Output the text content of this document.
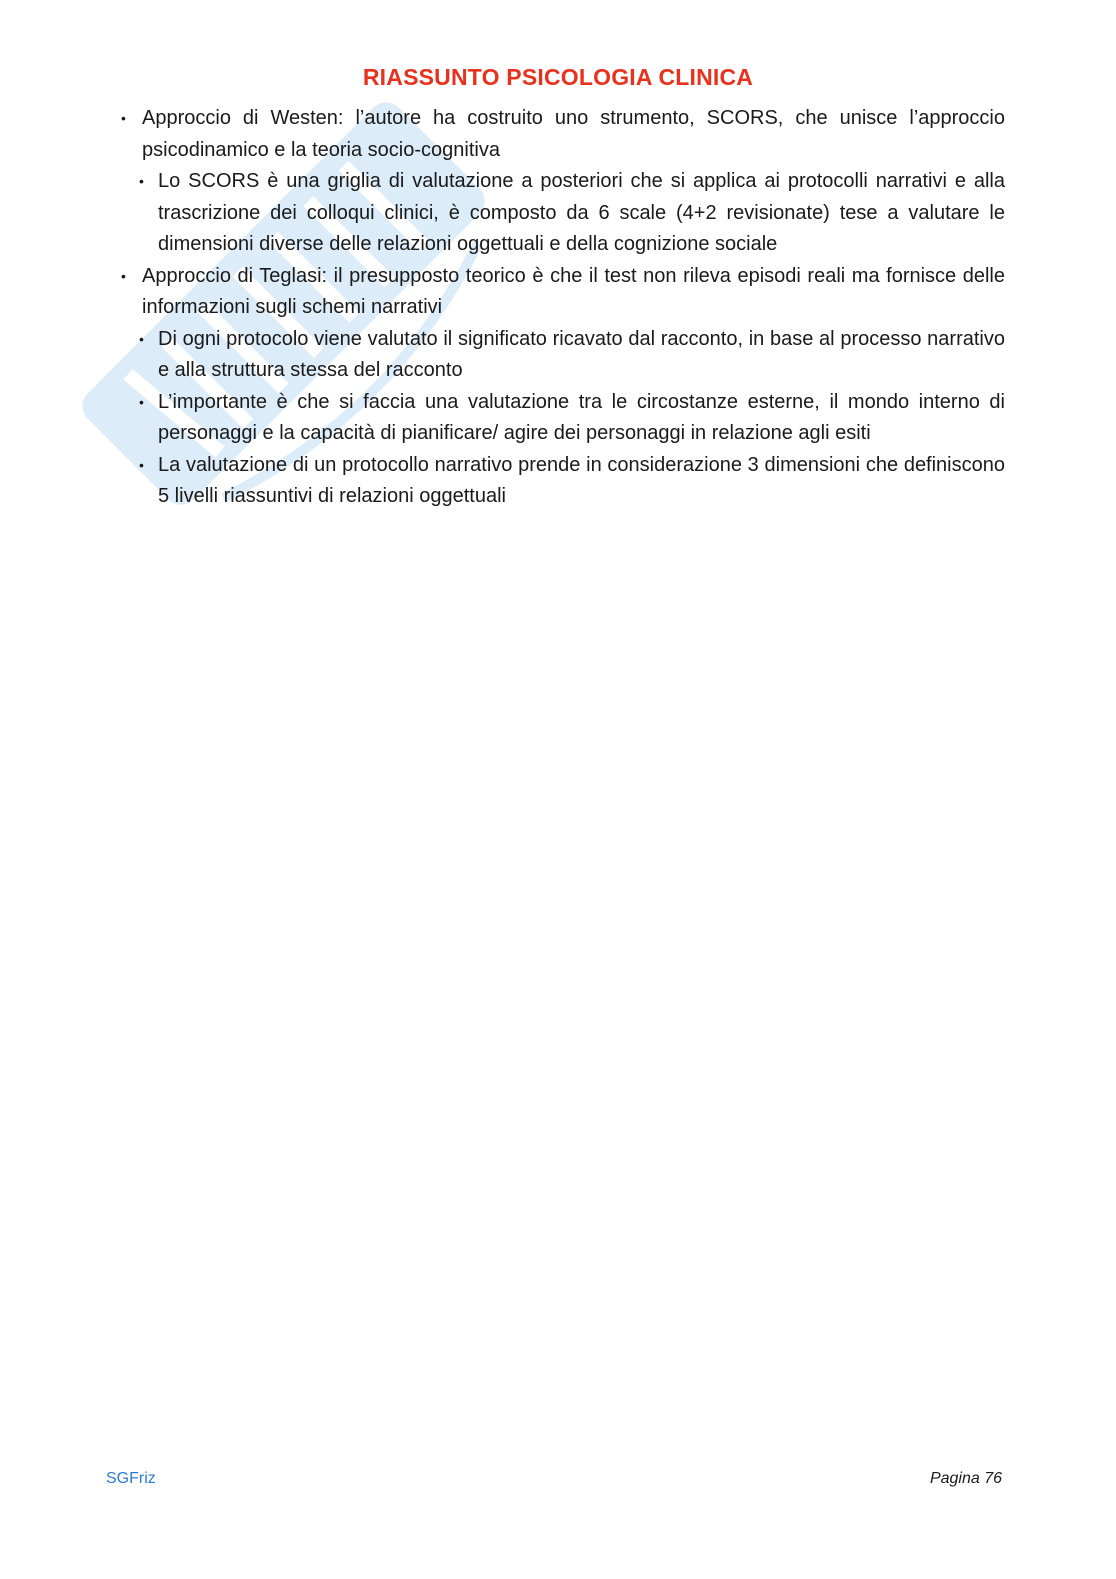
RIASSUNTO PSICOLOGIA CLINICA
• Approccio di Westen: l’autore ha costruito uno strumento, SCORS, che unisce l’approccio psicodinamico e la teoria socio-cognitiva
• Lo SCORS è una griglia di valutazione a posteriori che si applica ai protocolli narrativi e alla trascrizione dei colloqui clinici, è composto da 6 scale (4+2 revisionate) tese a valutare le dimensioni diverse delle relazioni oggettuali e della cognizione sociale
• Approccio di Teglasi: il presupposto teorico è che il test non rileva episodi reali ma fornisce delle informazioni sugli schemi narrativi
• Di ogni protocolo viene valutato il significato ricavato dal racconto, in base al processo narrativo e alla struttura stessa del racconto
• L’importante è che si faccia una valutazione tra le circostanze esterne, il mondo interno di personaggi e la capacità di pianificare/ agire dei personaggi in relazione agli esiti
• La valutazione di un protocollo narrativo prende in considerazione 3 dimensioni che definiscono 5 livelli riassuntivi di relazioni oggettuali
SGFriz	Pagina 76
